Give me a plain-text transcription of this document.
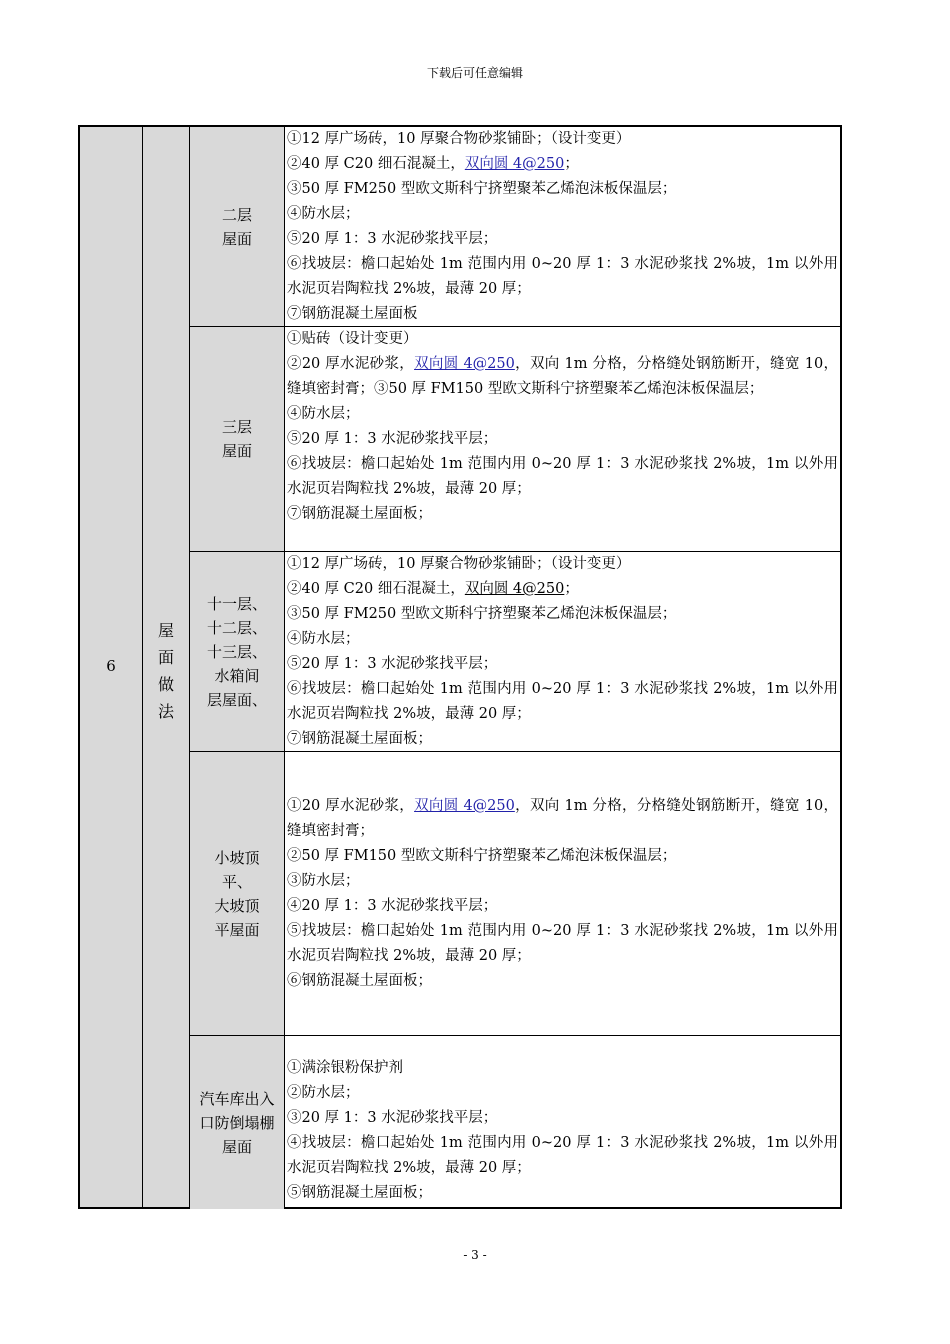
下载后可任意编辑
6
屋
面
做
法
二层
屋面

①12 厚广场砖，10 厚聚合物砂浆铺卧；（设计变更）

②40 厚 C20 细石混凝土，双向圆 4@250；

③50 厚 FM250 型欧文斯科宁挤塑聚苯乙烯泡沫板保温层；

④防水层；

⑤20 厚 1：3 水泥砂浆找平层；

⑥找坡层：檐口起始处 1m 范围内用 0~20 厚 1：3 水泥砂浆找 2%坡，1m 以外用水泥页岩陶粒找 2%坡，最薄 20 厚；

⑦钢筋混凝土屋面板

三层
屋面

①贴砖（设计变更）

②20 厚水泥砂浆，双向圆 4@250，双向 1m 分格，分格缝处钢筋断开，缝宽 10，缝填密封膏；③50 厚 FM150 型欧文斯科宁挤塑聚苯乙烯泡沫板保温层；

④防水层；

⑤20 厚 1：3 水泥砂浆找平层；

⑥找坡层：檐口起始处 1m 范围内用 0~20 厚 1：3 水泥砂浆找 2%坡，1m 以外用水泥页岩陶粒找 2%坡，最薄 20 厚；

⑦钢筋混凝土屋面板；

十一层、
十二层、
十三层、
水箱间
层屋面、

①12 厚广场砖，10 厚聚合物砂浆铺卧；（设计变更）

②40 厚 C20 细石混凝土，双向圆 4@250；

③50 厚 FM250 型欧文斯科宁挤塑聚苯乙烯泡沫板保温层；

④防水层；

⑤20 厚 1：3 水泥砂浆找平层；

⑥找坡层：檐口起始处 1m 范围内用 0~20 厚 1：3 水泥砂浆找 2%坡，1m 以外用水泥页岩陶粒找 2%坡，最薄 20 厚；

⑦钢筋混凝土屋面板；

小坡顶
平、
大坡顶
平屋面

①20 厚水泥砂浆，双向圆 4@250，双向 1m 分格，分格缝处钢筋断开，缝宽 10，缝填密封膏；

②50 厚 FM150 型欧文斯科宁挤塑聚苯乙烯泡沫板保温层；

③防水层；

④20 厚 1：3 水泥砂浆找平层；

⑤找坡层：檐口起始处 1m 范围内用 0~20 厚 1：3 水泥砂浆找 2%坡，1m 以外用水泥页岩陶粒找 2%坡，最薄 20 厚；

⑥钢筋混凝土屋面板；

汽车库出入
口防倒塌棚
屋面

①满涂银粉保护剂

②防水层；

③20 厚 1：3 水泥砂浆找平层；

④找坡层：檐口起始处 1m 范围内用 0~20 厚 1：3 水泥砂浆找 2%坡，1m 以外用水泥页岩陶粒找 2%坡，最薄 20 厚；

⑤钢筋混凝土屋面板；

- 3 -
